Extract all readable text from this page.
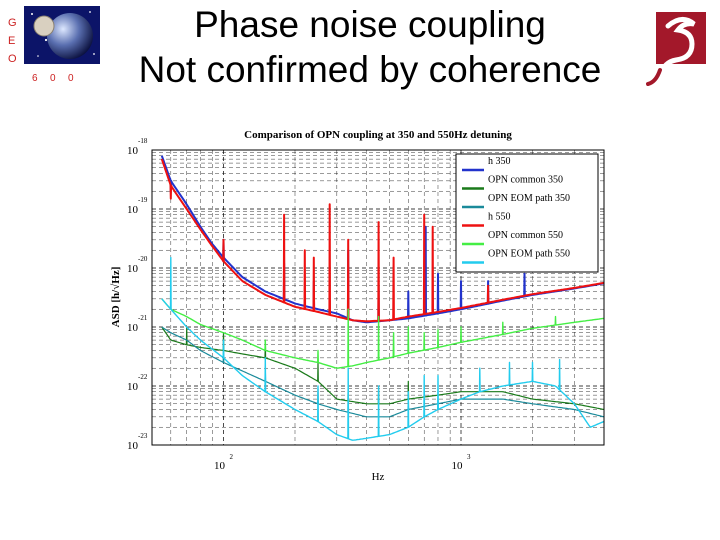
Phase noise coupling
Not confirmed by coherence
G
E
O
6 0 0
Comparison of OPN coupling at 350 and 550Hz detuning
10
-18
10
-19
10
-20
10
-21
10
-22
10
-23
10
2
10
3
Hz
ASD [h/√Hz]
h 350
OPN common 350
OPN EOM path 350
h 550
OPN common 550
OPN EOM path 550
